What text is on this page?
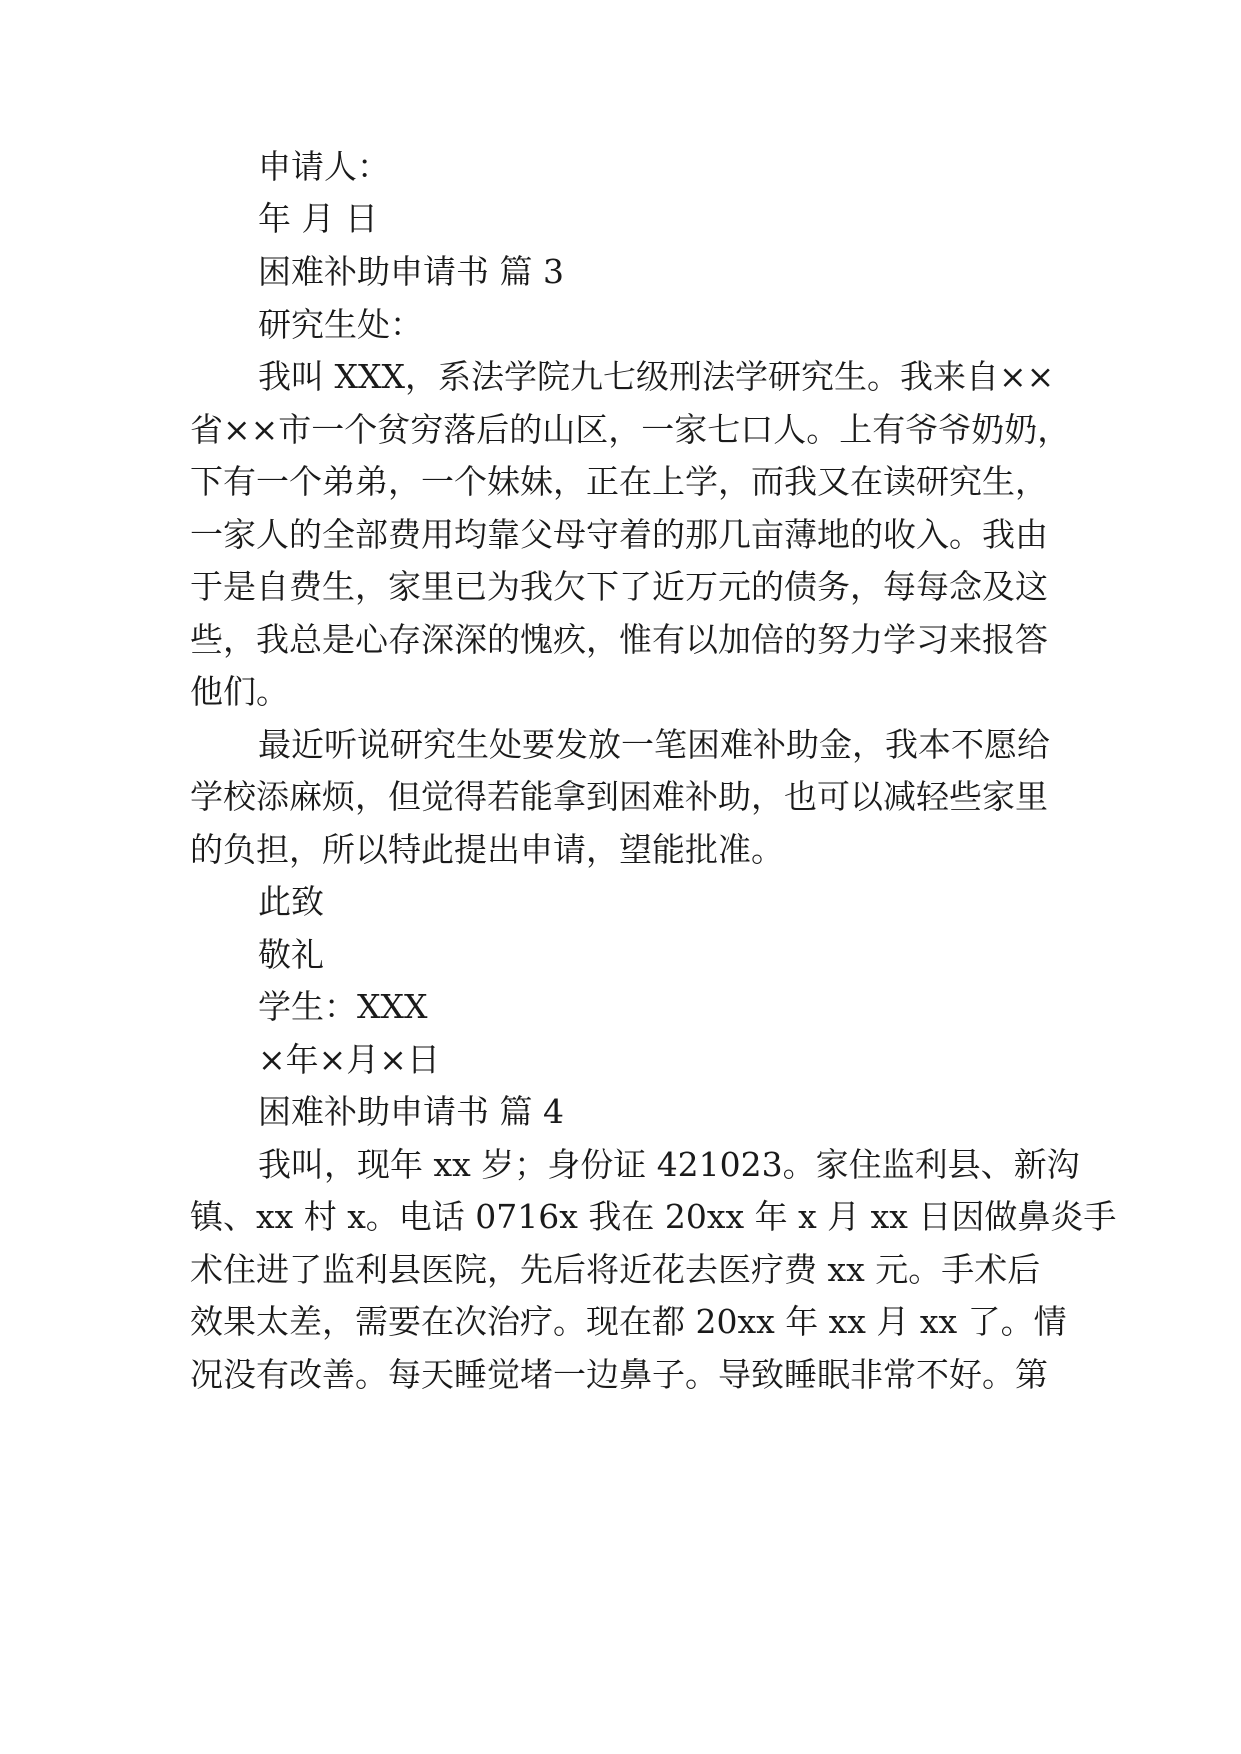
申请人：
年 月 日
困难补助申请书 篇 3
研究生处：
我叫 XXX，系法学院九七级刑法学研究生。我来自××
省××市一个贫穷落后的山区，一家七口人。上有爷爷奶奶，
下有一个弟弟，一个妹妹，正在上学，而我又在读研究生，
一家人的全部费用均靠父母守着的那几亩薄地的收入。我由
于是自费生，家里已为我欠下了近万元的债务，每每念及这
些，我总是心存深深的愧疚，惟有以加倍的努力学习来报答
他们。
最近听说研究生处要发放一笔困难补助金，我本不愿给
学校添麻烦，但觉得若能拿到困难补助，也可以减轻些家里
的负担，所以特此提出申请，望能批准。
此致
敬礼
学生：XXX
×年×月×日
困难补助申请书 篇 4
我叫，现年 xx 岁；身份证 421023。家住监利县、新沟
镇、xx 村 x。电话 0716x 我在 20xx 年 x 月 xx 日因做鼻炎手
术住进了监利县医院，先后将近花去医疗费 xx 元。手术后
效果太差，需要在次治疗。现在都 20xx 年 xx 月 xx 了。情
况没有改善。每天睡觉堵一边鼻子。导致睡眠非常不好。第
